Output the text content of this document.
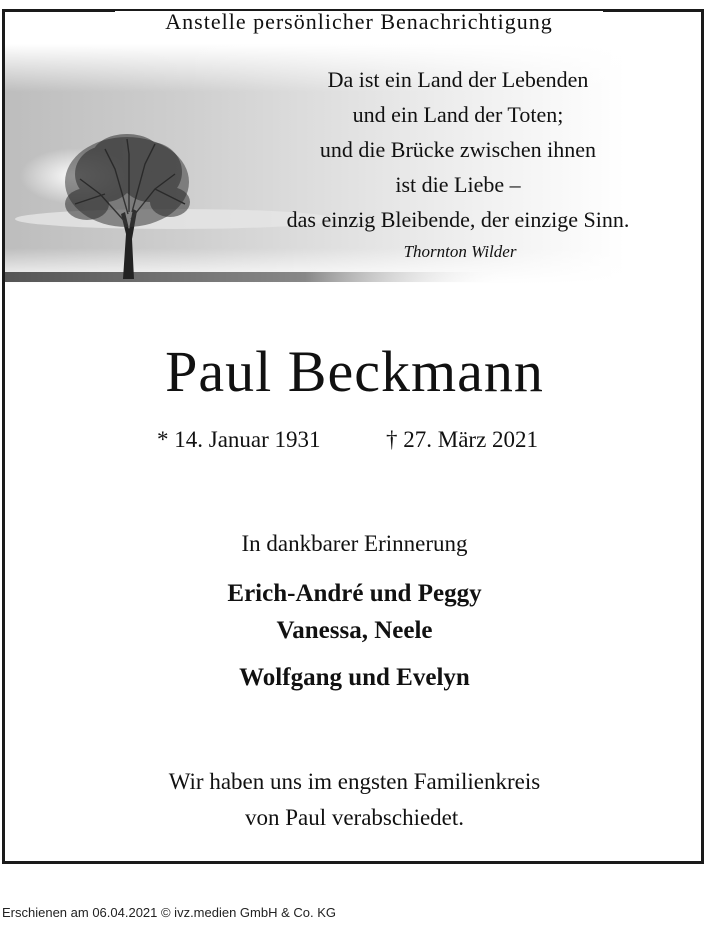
Anstelle persönlicher Benachrichtigung
Da ist ein Land der Lebenden
und ein Land der Toten;
und die Brücke zwischen ihnen
ist die Liebe –
das einzig Bleibende, der einzige Sinn.
Thornton Wilder
Paul Beckmann
* 14. Januar 1931	† 27. März 2021
In dankbarer Erinnerung
Erich-André und Peggy
Vanessa, Neele
Wolfgang und Evelyn
Wir haben uns im engsten Familienkreis
von Paul verabschiedet.
Erschienen am 06.04.2021 © ivz.medien GmbH & Co. KG
